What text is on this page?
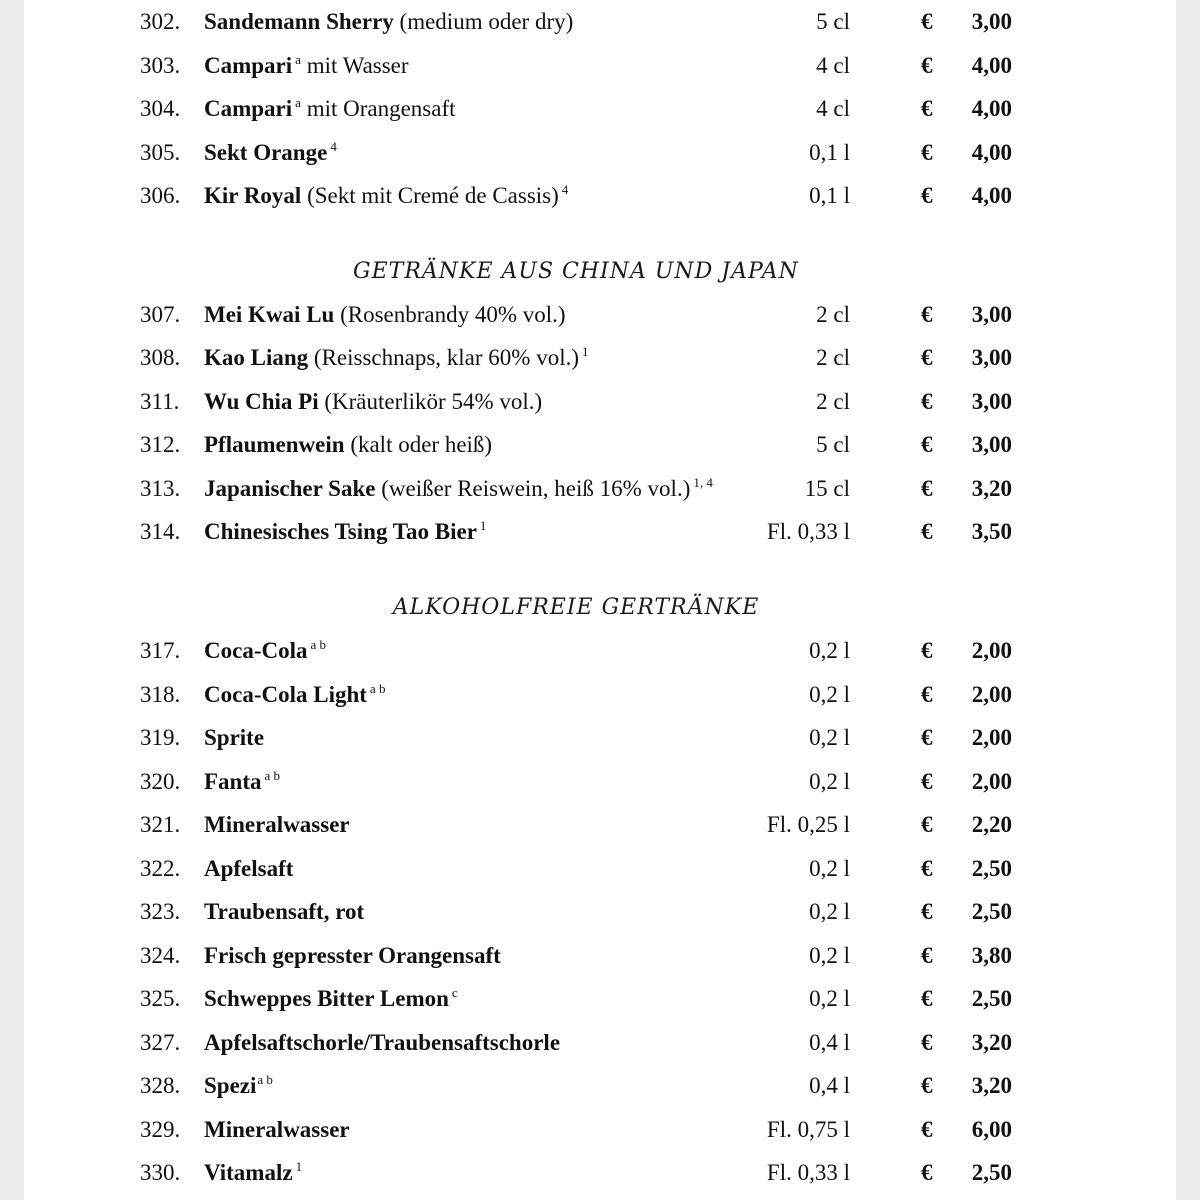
302. Sandemann Sherry (medium oder dry)	5 cl	€ 3,00
303. Campari $^a$ mit Wasser	4 cl	€ 4,00
304. Campari $^a$ mit Orangensaft	4 cl	€ 4,00
305. Sekt Orange $^4$	0,1 l	€ 4,00
306. Kir Royal (Sekt mit Cremé de Cassis) $^4$	0,1 l	€ 4,00
GETRÄNKE AUS CHINA UND JAPAN
307. Mei Kwai Lu (Rosenbrandy 40% vol.)	2 cl	€ 3,00
308. Kao Liang (Reisschnaps, klar 60% vol.) $^1$	2 cl	€ 3,00
311. Wu Chia Pi (Kräuterlikör 54% vol.)	2 cl	€ 3,00
312. Pflaumenwein (kalt oder heiß)	5 cl	€ 3,00
313. Japanischer Sake (weißer Reiswein, heiß 16% vol.) $^{1, 4}$	15 cl	€ 3,20
314. Chinesisches Tsing Tao Bier $^1$	Fl. 0,33 l	€ 3,50
ALKOHOLFREIE GERTRÄNKE
317. Coca-Cola $^{a b}$	0,2 l	€ 2,00
318. Coca-Cola Light $^{a b}$	0,2 l	€ 2,00
319. Sprite	0,2 l	€ 2,00
320. Fanta $^{a b}$	0,2 l	€ 2,00
321. Mineralwasser	Fl. 0,25 l	€ 2,20
322. Apfelsaft	0,2 l	€ 2,50
323. Traubensaft, rot	0,2 l	€ 2,50
324. Frisch gepresster Orangensaft	0,2 l	€ 3,80
325. Schweppes Bitter Lemon $^c$	0,2 l	€ 2,50
327. Apfelsaftschorle/Traubensaftschorle	0,4 l	€ 3,20
328. Spezi$^{a b}$	0,4 l	€ 3,20
329. Mineralwasser	Fl. 0,75 l	€ 6,00
330. Vitamalz $^1$	Fl. 0,33 l	€ 2,50
